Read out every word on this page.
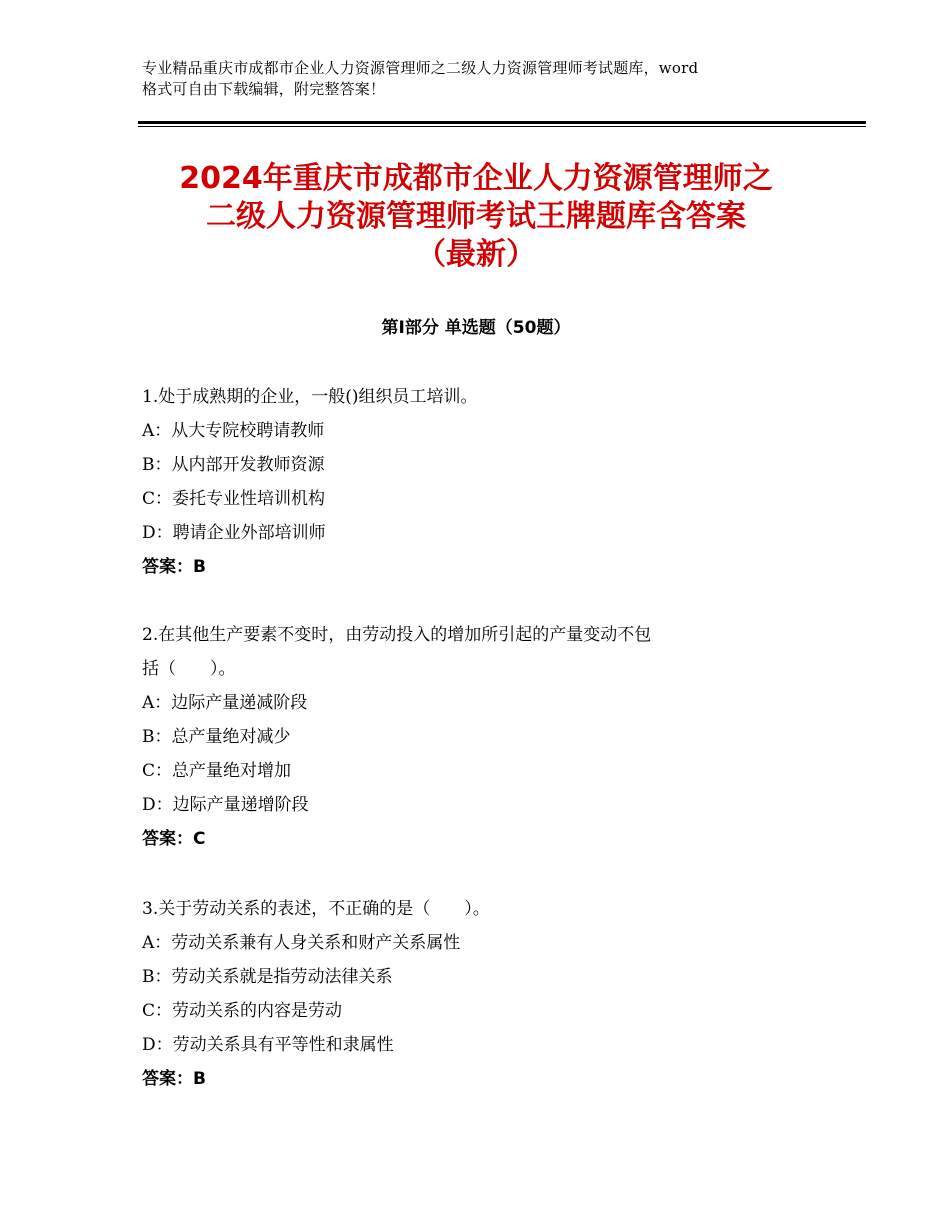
专业精品重庆市成都市企业人力资源管理师之二级人力资源管理师考试题库，word
格式可自由下载编辑，附完整答案！
2024年重庆市成都市企业人力资源管理师之
二级人力资源管理师考试王牌题库含答案
（最新）
第Ⅰ部分 单选题（50题）
1.处于成熟期的企业，一般()组织员工培训。
A：从大专院校聘请教师
B：从内部开发教师资源
C：委托专业性培训机构
D：聘请企业外部培训师
答案：B
2.在其他生产要素不变时，由劳动投入的增加所引起的产量变动不包
括（　　）。
A：边际产量递减阶段
B：总产量绝对减少
C：总产量绝对增加
D：边际产量递增阶段
答案：C
3.关于劳动关系的表述，不正确的是（　　）。
A：劳动关系兼有人身关系和财产关系属性
B：劳动关系就是指劳动法律关系
C：劳动关系的内容是劳动
D：劳动关系具有平等性和隶属性
答案：B
